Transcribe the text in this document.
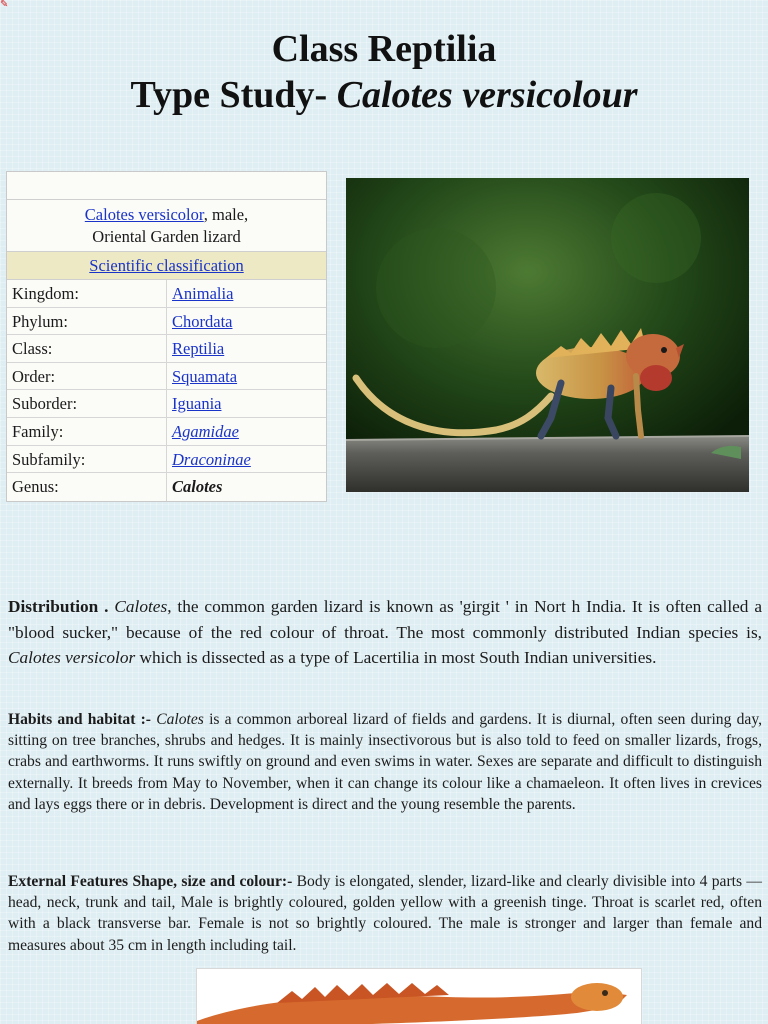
✎
Class Reptilia
Type Study- Calotes versicolour
Calotes versicolor, male,
Oriental Garden lizard
Scientific classification
Kingdom:	Animalia
Phylum:	Chordata
Class:	Reptilia
Order:	Squamata
Suborder:	Iguania
Family:	Agamidae
Subfamily:	Draconinae
Genus:	Calotes
Distribution . Calotes, the common garden lizard is known as 'girgit ' in Nort h India. It is often called a "blood sucker," because of the red colour of throat. The most commonly distributed Indian species is, Calotes versicolor which is dissected as a type of Lacertilia in most South Indian universities.
Habits and habitat :- Calotes is a common arboreal lizard of fields and gardens. It is diurnal, often seen during day, sitting on tree branches, shrubs and hedges. It is mainly insectivorous but is also told to feed on smaller lizards, frogs, crabs and earthworms. It runs swiftly on ground and even swims in water. Sexes are separate and difficult to distinguish externally. It breeds from May to November, when it can change its colour like a chamaeleon. It often lives in crevices and lays eggs there or in debris. Development is direct and the young resemble the parents.
External Features Shape, size and colour:- Body is elongated, slender, lizard-like and clearly divisible into 4 parts —head, neck, trunk and tail, Male is brightly coloured, golden yellow with a greenish tinge. Throat is scarlet red, often with a black transverse bar. Female is not so brightly coloured. The male is stronger and larger than female and measures about 35 cm in length including tail.
